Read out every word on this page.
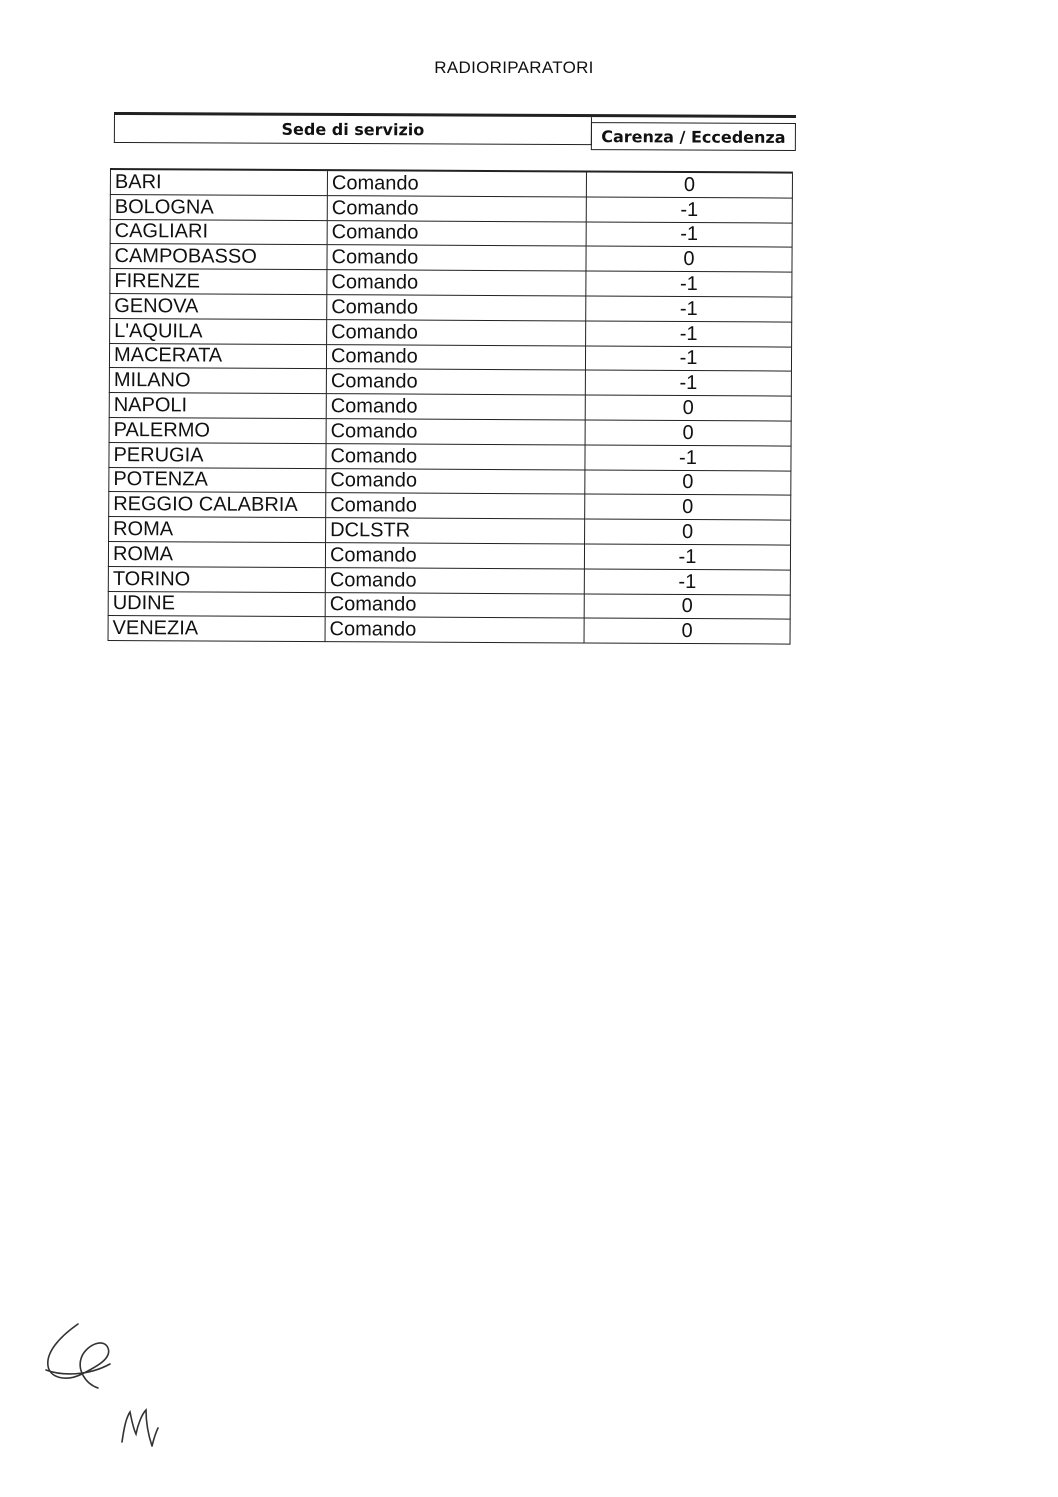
RADIORIPARATORI
Sede di servizio	Carenza / Eccedenza
BARI	Comando	0
BOLOGNA	Comando	-1
CAGLIARI	Comando	-1
CAMPOBASSO	Comando	0
FIRENZE	Comando	-1
GENOVA	Comando	-1
L'AQUILA	Comando	-1
MACERATA	Comando	-1
MILANO	Comando	-1
NAPOLI	Comando	0
PALERMO	Comando	0
PERUGIA	Comando	-1
POTENZA	Comando	0
REGGIO CALABRIA	Comando	0
ROMA	DCLSTR	0
ROMA	Comando	-1
TORINO	Comando	-1
UDINE	Comando	0
VENEZIA	Comando	0
